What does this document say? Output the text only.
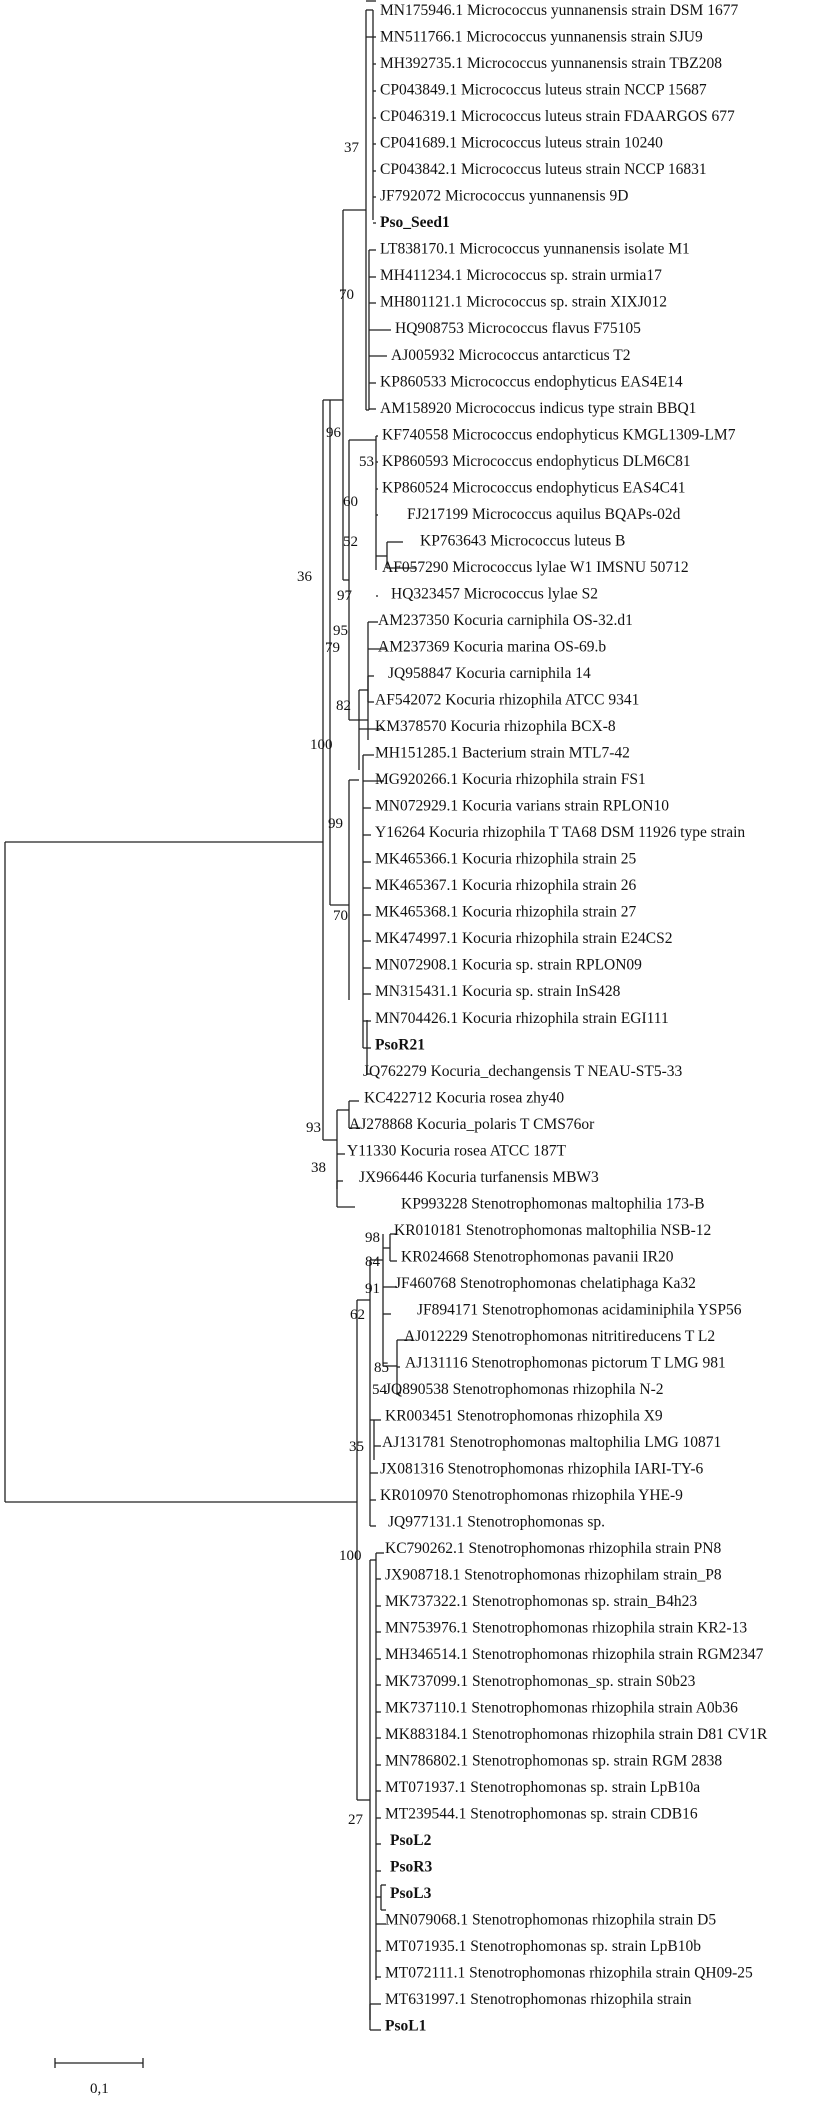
MN175946.1 Micrococcus yunnanensis strain DSM 1677
MN511766.1 Micrococcus yunnanensis strain SJU9
MH392735.1 Micrococcus yunnanensis strain TBZ208
CP043849.1 Micrococcus luteus strain NCCP 15687
CP046319.1 Micrococcus luteus strain FDAARGOS 677
CP041689.1 Micrococcus luteus strain 10240
CP043842.1 Micrococcus luteus strain NCCP 16831
JF792072 Micrococcus yunnanensis 9D
Pso_Seed1
LT838170.1 Micrococcus yunnanensis isolate M1
MH411234.1 Micrococcus sp. strain urmia17
MH801121.1 Micrococcus sp. strain XIXJ012
HQ908753 Micrococcus flavus F75105
AJ005932 Micrococcus antarcticus T2
KP860533 Micrococcus endophyticus EAS4E14
AM158920 Micrococcus indicus type strain BBQ1
KF740558 Micrococcus endophyticus KMGL1309-LM7
KP860593 Micrococcus endophyticus DLM6C81
KP860524 Micrococcus endophyticus EAS4C41
FJ217199 Micrococcus aquilus BQAPs-02d
KP763643 Micrococcus luteus B
AF057290 Micrococcus lylae W1 IMSNU 50712
HQ323457 Micrococcus lylae S2
AM237350 Kocuria carniphila OS-32.d1
AM237369 Kocuria marina OS-69.b
JQ958847 Kocuria carniphila 14
AF542072 Kocuria rhizophila ATCC 9341
KM378570 Kocuria rhizophila BCX-8
MH151285.1 Bacterium strain MTL7-42
MG920266.1 Kocuria rhizophila strain FS1
MN072929.1 Kocuria varians strain RPLON10
Y16264 Kocuria rhizophila T TA68 DSM 11926 type strain
MK465366.1 Kocuria rhizophila strain 25
MK465367.1 Kocuria rhizophila strain 26
MK465368.1 Kocuria rhizophila strain 27
MK474997.1 Kocuria rhizophila strain E24CS2
MN072908.1 Kocuria sp. strain RPLON09
MN315431.1 Kocuria sp. strain InS428
MN704426.1 Kocuria rhizophila strain EGI111
PsoR21
JQ762279 Kocuria_dechangensis T NEAU-ST5-33
KC422712 Kocuria rosea zhy40
AJ278868 Kocuria_polaris T CMS76or
Y11330 Kocuria rosea ATCC 187T
JX966446 Kocuria turfanensis MBW3
KP993228 Stenotrophomonas maltophilia 173-B
KR010181 Stenotrophomonas maltophilia NSB-12
KR024668 Stenotrophomonas pavanii IR20
JF460768 Stenotrophomonas chelatiphaga Ka32
JF894171 Stenotrophomonas acidaminiphila YSP56
AJ012229 Stenotrophomonas nitritireducens T L2
AJ131116 Stenotrophomonas pictorum T LMG 981
JQ890538 Stenotrophomonas rhizophila N-2
KR003451 Stenotrophomonas rhizophila X9
AJ131781 Stenotrophomonas maltophilia LMG 10871
JX081316 Stenotrophomonas rhizophila IARI-TY-6
KR010970 Stenotrophomonas rhizophila YHE-9
JQ977131.1 Stenotrophomonas sp.
KC790262.1 Stenotrophomonas rhizophila strain PN8
JX908718.1 Stenotrophomonas rhizophilam strain_P8
MK737322.1 Stenotrophomonas sp. strain_B4h23
MN753976.1 Stenotrophomonas rhizophila strain KR2-13
MH346514.1 Stenotrophomonas rhizophila strain RGM2347
MK737099.1 Stenotrophomonas_sp. strain S0b23
MK737110.1 Stenotrophomonas rhizophila strain A0b36
MK883184.1 Stenotrophomonas rhizophila strain D81 CV1R
MN786802.1 Stenotrophomonas sp. strain RGM 2838
MT071937.1 Stenotrophomonas sp. strain LpB10a
MT239544.1 Stenotrophomonas sp. strain CDB16
PsoL2
PsoR3
PsoL3
MN079068.1 Stenotrophomonas rhizophila strain D5
MT071935.1 Stenotrophomonas sp. strain LpB10b
MT072111.1 Stenotrophomonas rhizophila strain QH09-25
MT631997.1 Stenotrophomonas rhizophila strain
PsoL1
37
70
96
53
60
52
36
97
95
79
82
100
99
70
93
38
98
84
91
62
85
54
35
100
27
0,1
